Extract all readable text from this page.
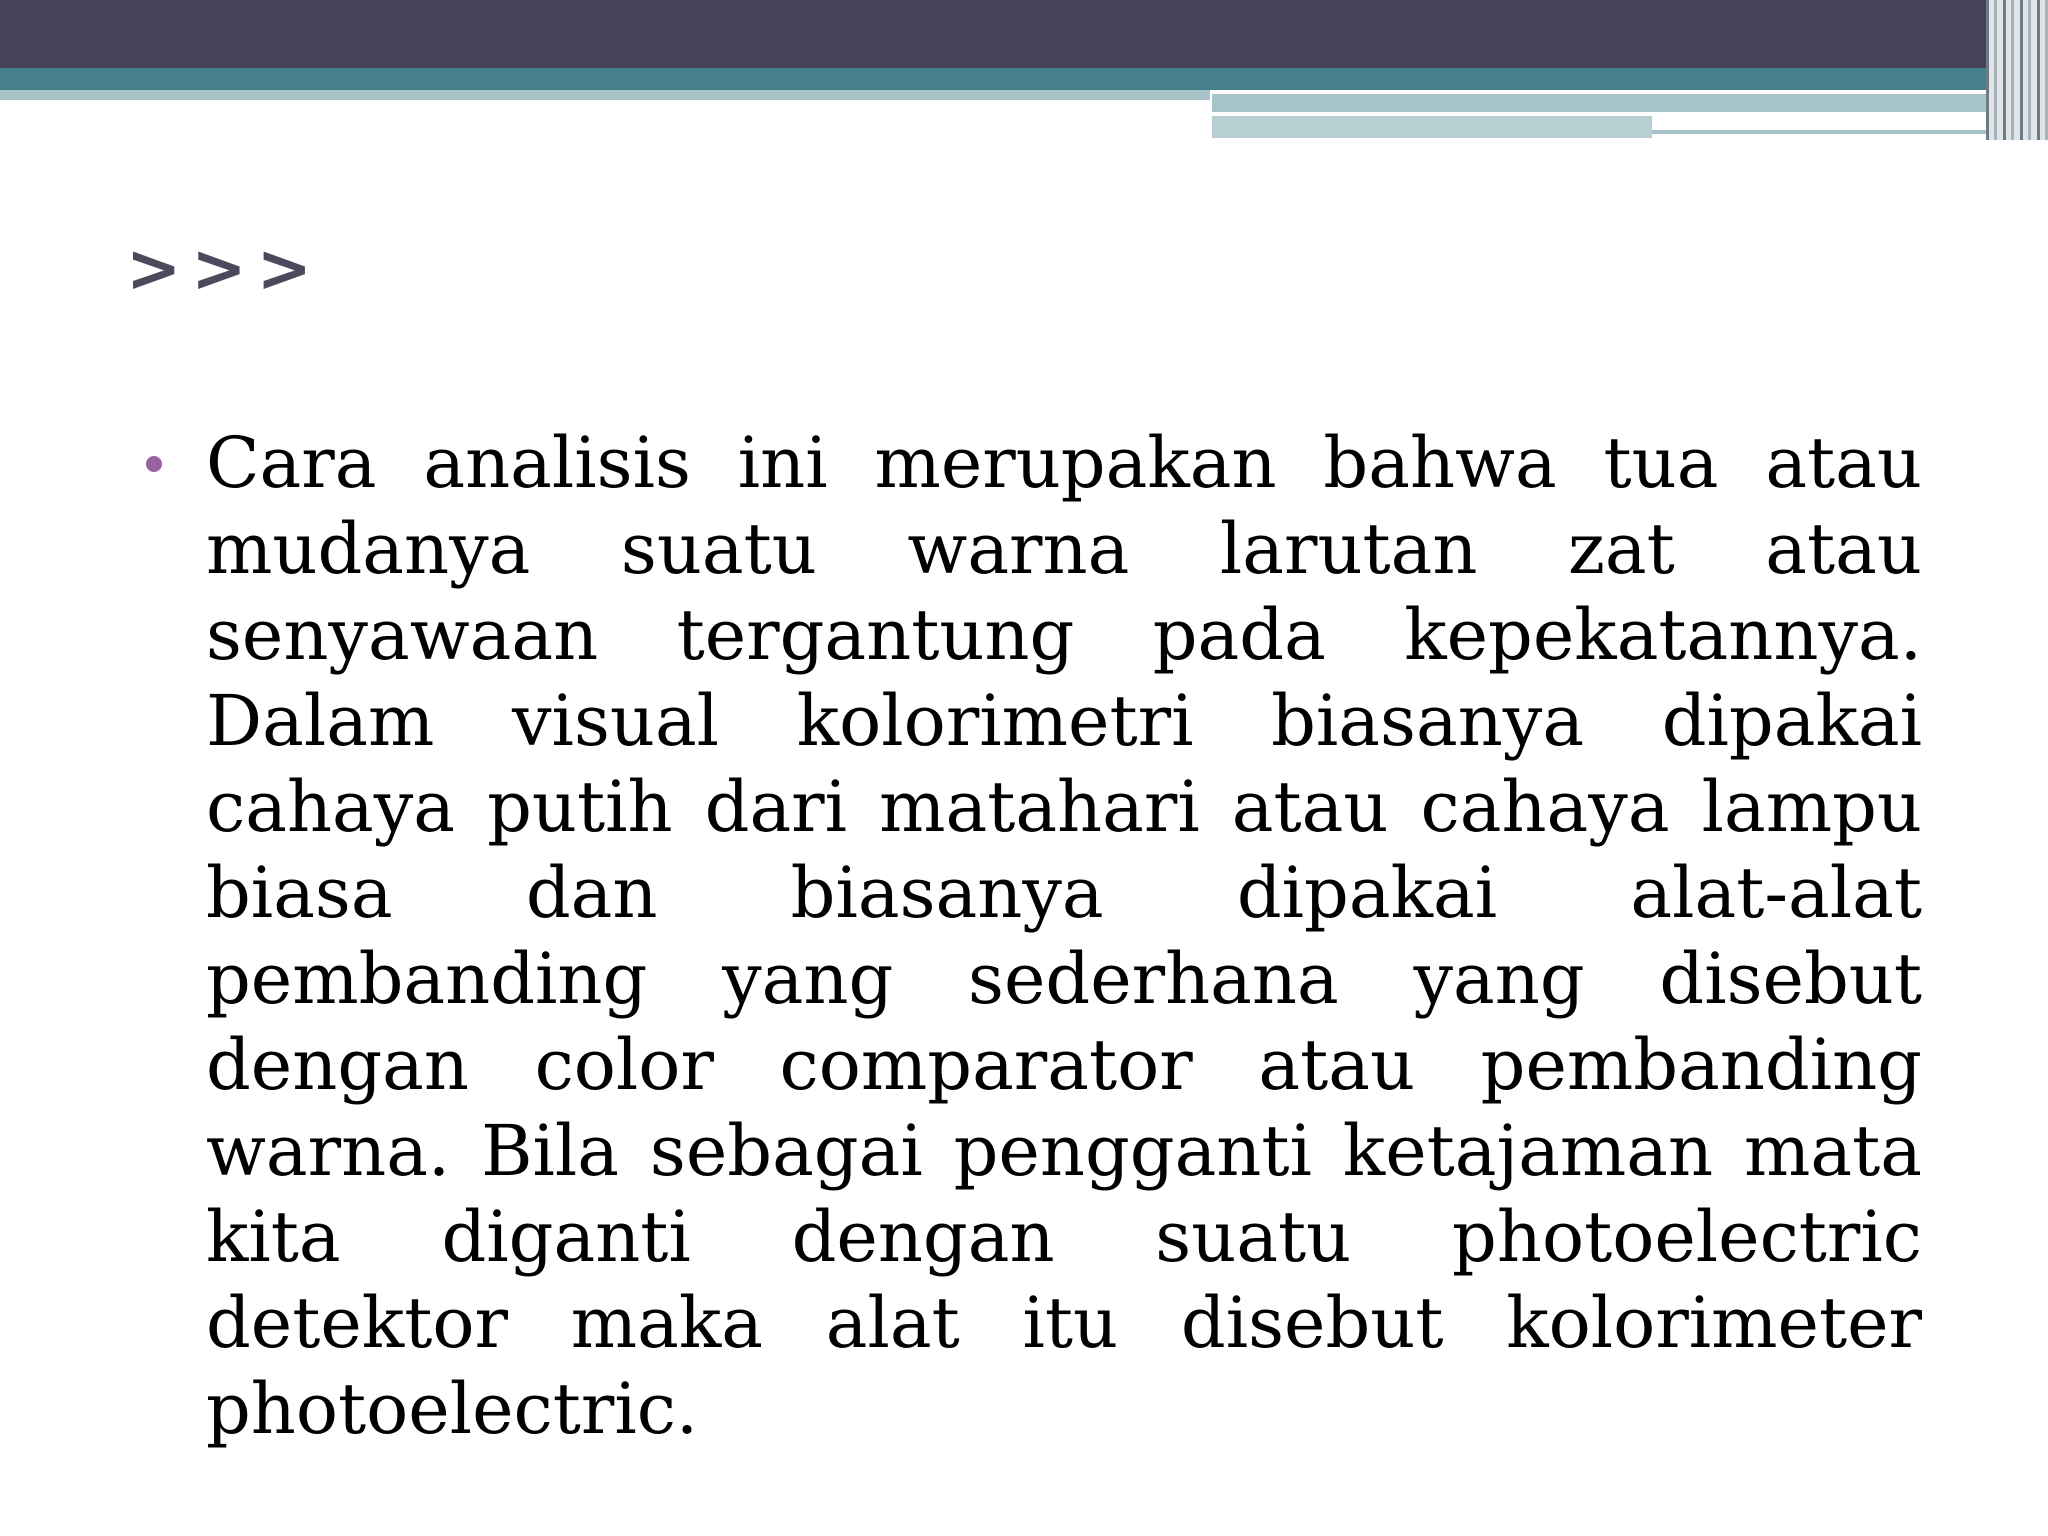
>>>
Cara analisis ini merupakan bahwa tua atau mudanya suatu warna larutan zat atau senyawaan tergantung pada kepekatannya. Dalam visual kolorimetri biasanya dipakai cahaya putih dari matahari atau cahaya lampu biasa dan biasanya dipakai alat-alat pembanding yang sederhana yang disebut dengan color comparator atau pembanding warna. Bila sebagai pengganti ketajaman mata kita diganti dengan suatu photoelectric detektor maka alat itu disebut kolorimeter photoelectric.
